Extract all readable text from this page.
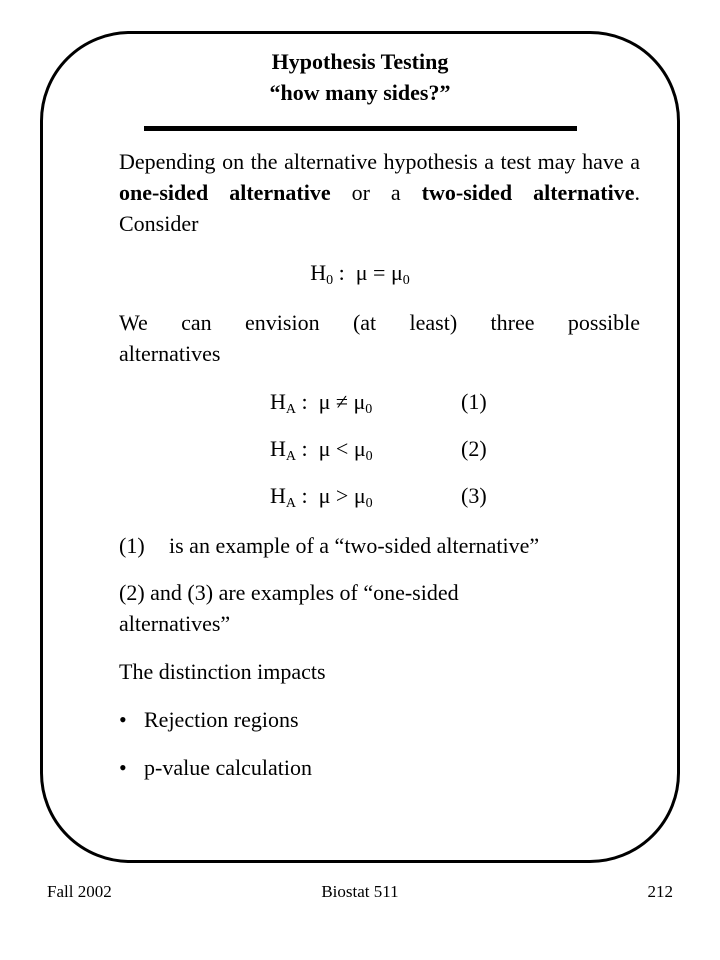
Hypothesis Testing
“how many sides?”
Depending on the alternative hypothesis a test may have a one-sided alternative or a two-sided alternative. Consider
$H_0$ :  $\mu = \mu_0$
We can envision (at least) three possible
alternatives
$H_A$ :  $\mu \ne \mu_0$	(1)
$H_A$ :  $\mu < \mu_0$	(2)
$H_A$ :  $\mu > \mu_0$	(3)
(1) is an example of a “two-sided alternative”
(2) and (3) are examples of “one-sided alternatives”
The distinction impacts
• Rejection regions
• p-value calculation
Fall 2002	Biostat 511	212
